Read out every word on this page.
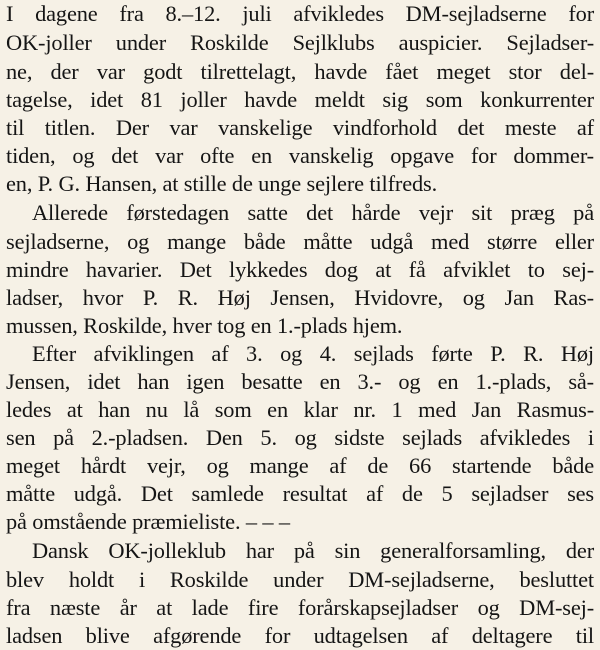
I dagene fra 8.–12. juli afvikledes DM-sejladserne for
OK-joller under Roskilde Sejlklubs auspicier. Sejladser-
ne, der var godt tilrettelagt, havde fået meget stor del-
tagelse, idet 81 joller havde meldt sig som konkurrenter
til titlen. Der var vanskelige vindforhold det meste af
tiden, og det var ofte en vanskelig opgave for dommer-
en, P. G. Hansen, at stille de unge sejlere tilfreds.
Allerede førstedagen satte det hårde vejr sit præg på
sejladserne, og mange både måtte udgå med større eller
mindre havarier. Det lykkedes dog at få afviklet to sej-
ladser, hvor P. R. Høj Jensen, Hvidovre, og Jan Ras-
mussen, Roskilde, hver tog en 1.-plads hjem.
Efter afviklingen af 3. og 4. sejlads førte P. R. Høj
Jensen, idet han igen besatte en 3.- og en 1.-plads, så-
ledes at han nu lå som en klar nr. 1 med Jan Rasmus-
sen på 2.-pladsen. Den 5. og sidste sejlads afvikledes i
meget hårdt vejr, og mange af de 66 startende både
måtte udgå. Det samlede resultat af de 5 sejladser ses
på omstående præmieliste. – – –
Dansk OK-jolleklub har på sin generalforsamling, der
blev holdt i Roskilde under DM-sejladserne, besluttet
fra næste år at lade fire forårskapsejladser og DM-sej-
ladsen blive afgørende for udtagelsen af deltagere til
